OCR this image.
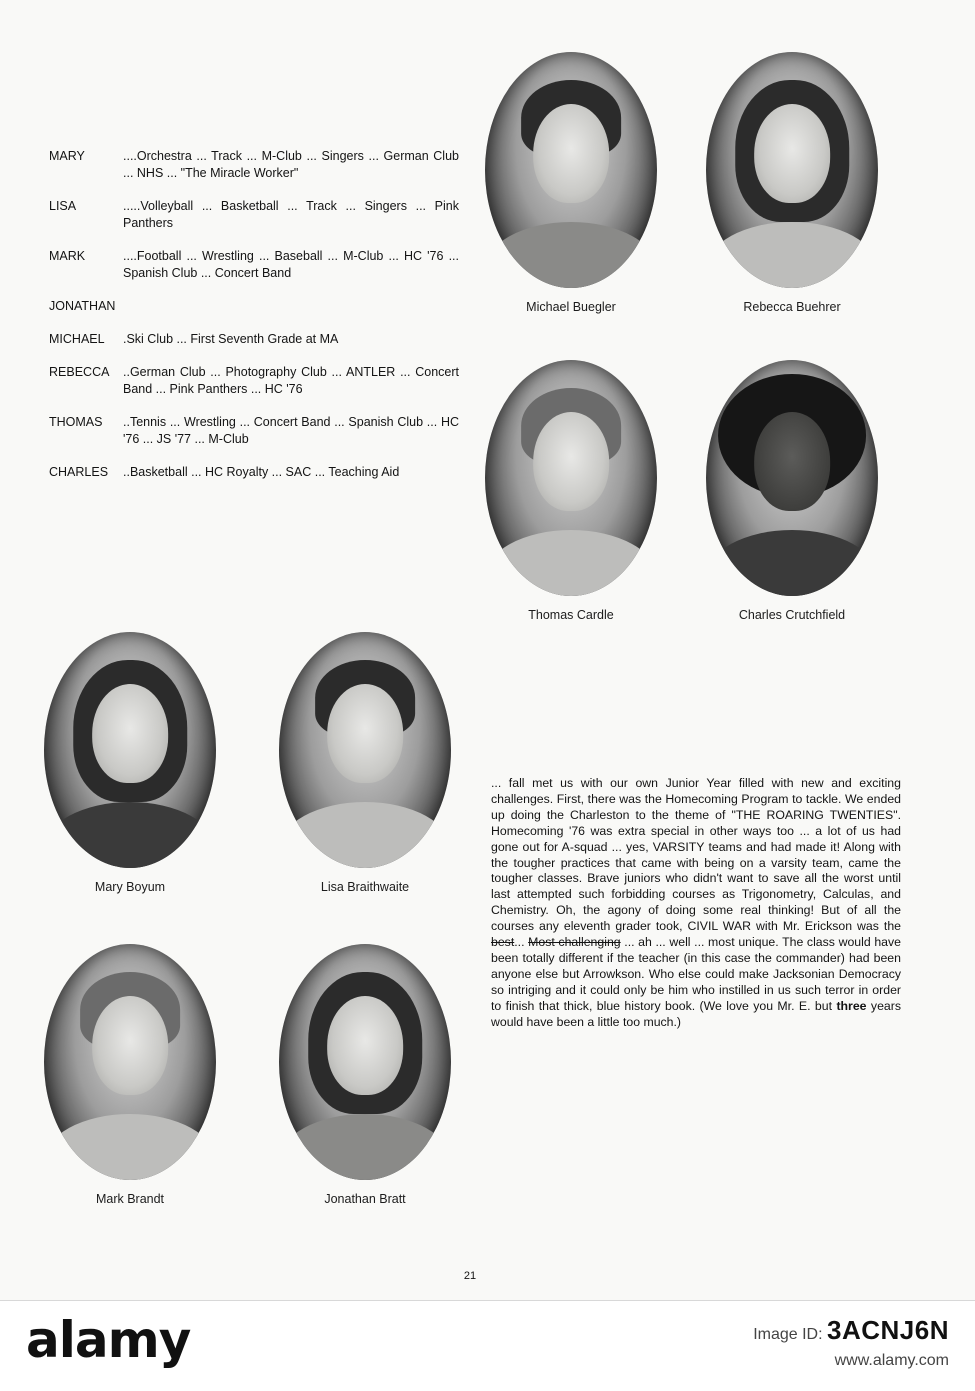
MARY	....Orchestra ... Track ... M-Club ... Singers ... German Club ... NHS ... "The Miracle Worker"
LISA	.....Volleyball ... Basketball ... Track ... Singers ... Pink Panthers
MARK	....Football ... Wrestling ... Baseball ... M-Club ... HC '76 ... Spanish Club ... Concert Band
JONATHAN
MICHAEL	.Ski Club ... First Seventh Grade at MA
REBECCA	..German Club ... Photography Club ... ANTLER ... Concert Band ... Pink Panthers ... HC '76
THOMAS	..Tennis ... Wrestling ... Concert Band ... Spanish Club ... HC '76 ... JS '77 ... M-Club
CHARLES	..Basketball ... HC Royalty ... SAC ... Teaching Aid
Michael Buegler	Rebecca Buehrer
Thomas Cardle	Charles Crutchfield
Mary Boyum	Lisa Braithwaite
Mark Brandt	Jonathan Bratt
... fall met us with our own Junior Year filled with new and exciting challenges. First, there was the Homecoming Program to tackle. We ended up doing the Charleston to the theme of "THE ROARING TWENTIES". Homecoming '76 was extra special in other ways too ... a lot of us had gone out for A-squad ... yes, VARSITY teams and had made it! Along with the tougher practices that came with being on a varsity team, came the tougher classes. Brave juniors who didn't want to save all the worst until last attempted such forbidding courses as Trigonometry, Calculas, and Chemistry. Oh, the agony of doing some real thinking! But of all the courses any eleventh grader took, CIVIL WAR with Mr. Erickson was the best... Most challenging ... ah ... well ... most unique. The class would have been totally different if the teacher (in this case the commander) had been anyone else but Arrowkson. Who else could make Jacksonian Democracy so intriging and it could only be him who instilled in us such terror in order to finish that thick, blue history book. (We love you Mr. E. but three years would have been a little too much.)
21
alamy	Image ID: 3ACNJ6N
www.alamy.com
